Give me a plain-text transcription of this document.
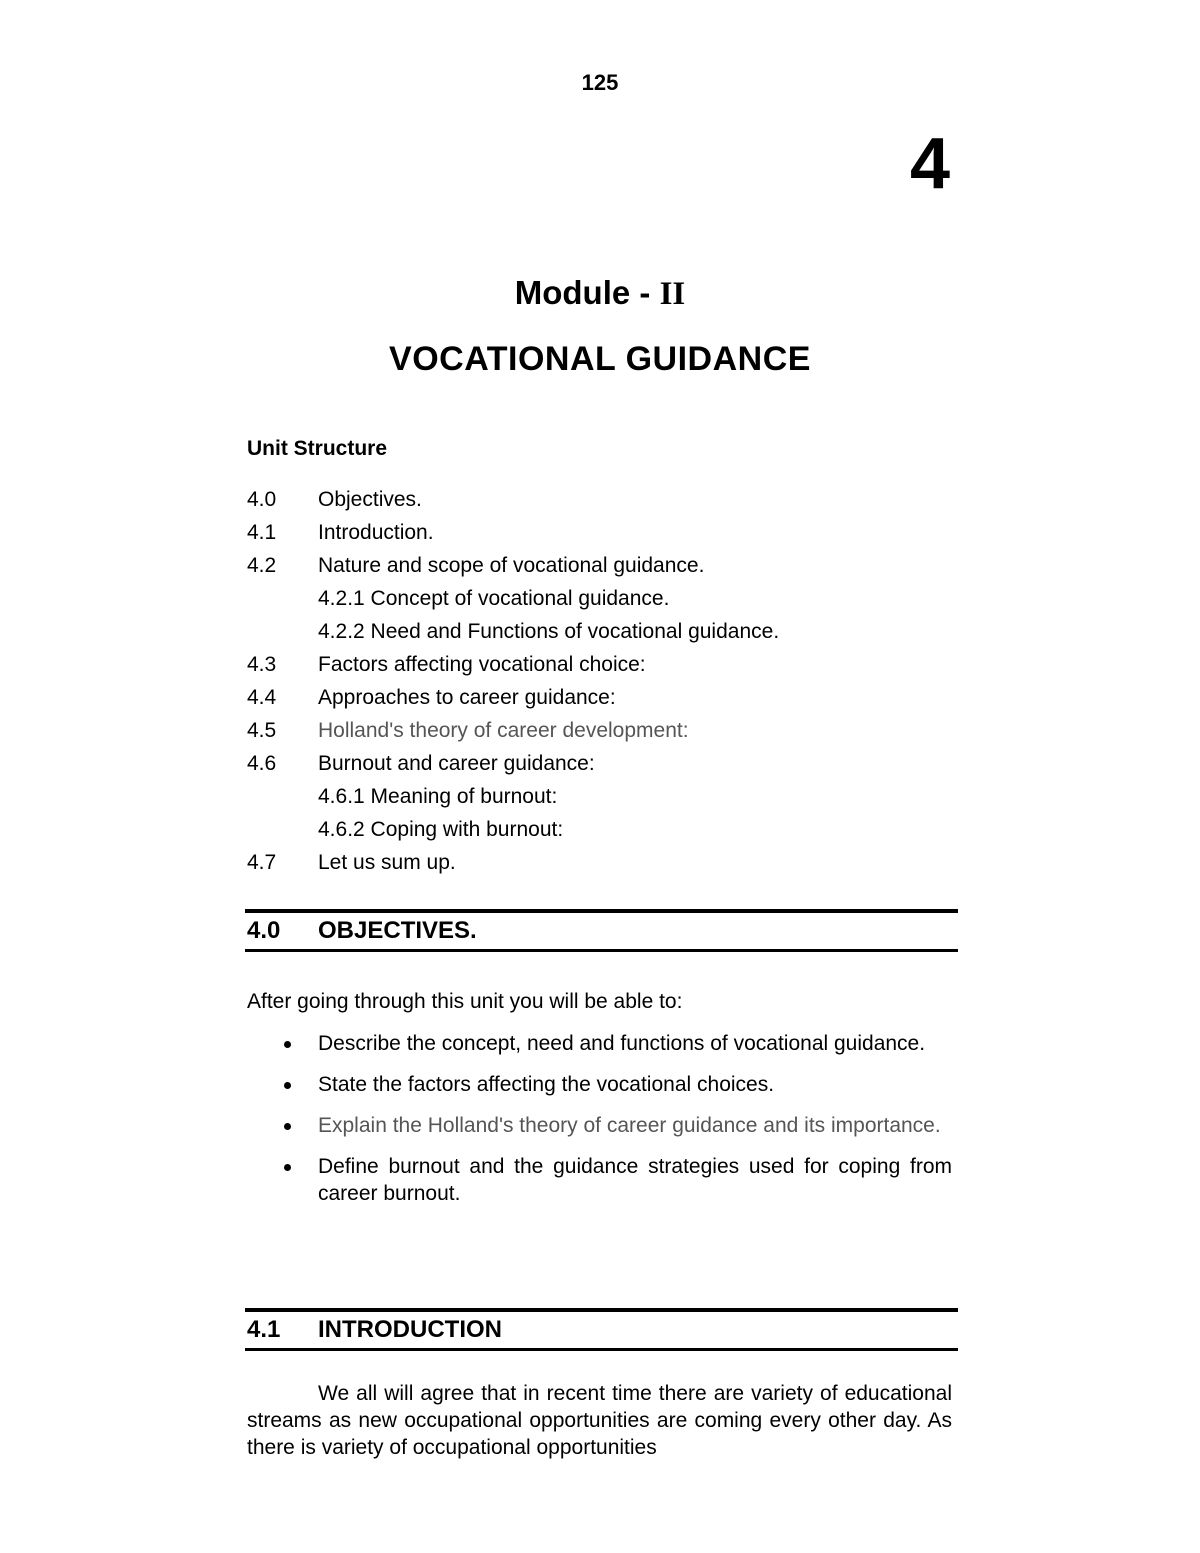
125
4
Module - II
VOCATIONAL GUIDANCE
Unit Structure
4.0 Objectives.
4.1 Introduction.
4.2 Nature and scope of vocational guidance.
4.2.1 Concept of vocational guidance.
4.2.2 Need and Functions of vocational guidance.
4.3 Factors affecting vocational choice:
4.4 Approaches to career guidance:
4.5 Holland's theory of career development:
4.6 Burnout and career guidance:
4.6.1 Meaning of burnout:
4.6.2 Coping with burnout:
4.7 Let us sum up.
4.0 OBJECTIVES.
After going through this unit you will be able to:
Describe the concept, need and functions of vocational guidance.
State the factors affecting the vocational choices.
Explain the Holland's theory of career guidance and its importance.
Define burnout and the guidance strategies used for coping from career burnout.
4.1 INTRODUCTION
We all will agree that in recent time there are variety of educational streams as new occupational opportunities are coming every other day. As there is variety of occupational opportunities
